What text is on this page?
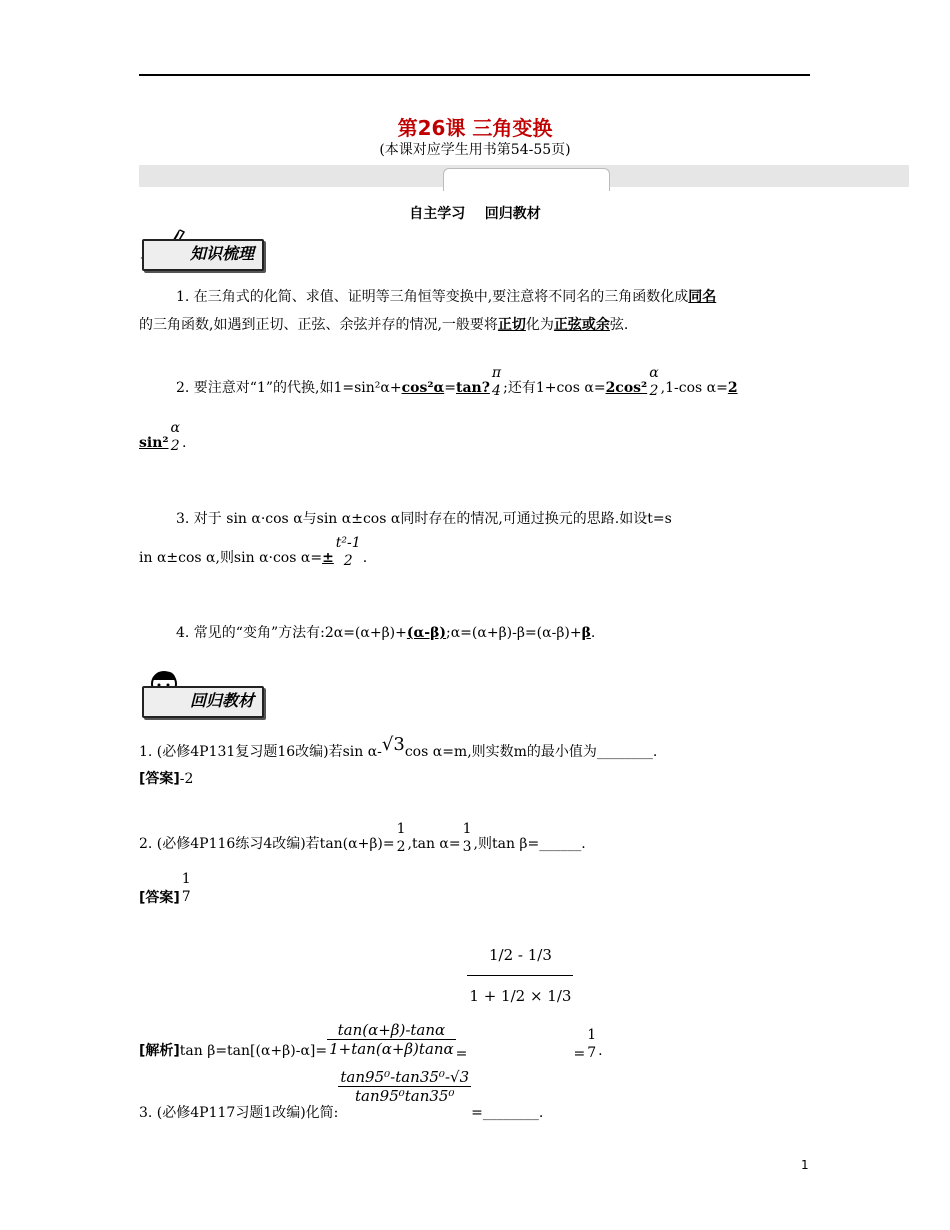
第26课 三角变换
(本课对应学生用书第54-55页)
自主学习    回归教材
知识梳理
1. 在三角式的化简、求值、证明等三角恒等变换中,要注意将不同名的三角函数化成同名
的三角函数,如遇到正切、正弦、余弦并存的情况,一般要将正切化为正弦或余弦.
2. 要注意对“1”的代换,如1=sin²α+cos²α=tan?
π
4 ;还有1+cos α=2cos²
α
2 ,1-cos α=2
sin²
α
2 .
3. 对于 sin α·cos α与sin α±cos α同时存在的情况,可通过换元的思路.如设t=s
in α±cos α,则sin α·cos α=±
t²-1
2 .
4. 常见的“变角”方法有:2α=(α+β)+(α-β);α=(α+β)-β=(α-β)+β.
回归教材
1. (必修4P131复习题16改编)若sin α-√3cos α=m,则实数m的最小值为________.
[答案]-2
2. (必修4P116练习4改编)若tan(α+β)=
1
2 ,tan α=
1
3 ,则tan β=______.
[答案]
1
7
[解析]tan $\beta=\tan[(\alpha+\beta)-\alpha]= \frac{\tan(\alpha+\beta)-\tan\alpha}{1+\tan(\alpha+\beta)\tan\alpha}$ =
$\frac{1/2 - 1/3}{1 + 1/2 \times 1/3}$
=
1
7 .
3. (必修4P117习题1改编)化简:
$\frac{\text{tan95⁰-tan35⁰-√3}}{\text{tan95⁰tan35⁰}}$
=________.
1
